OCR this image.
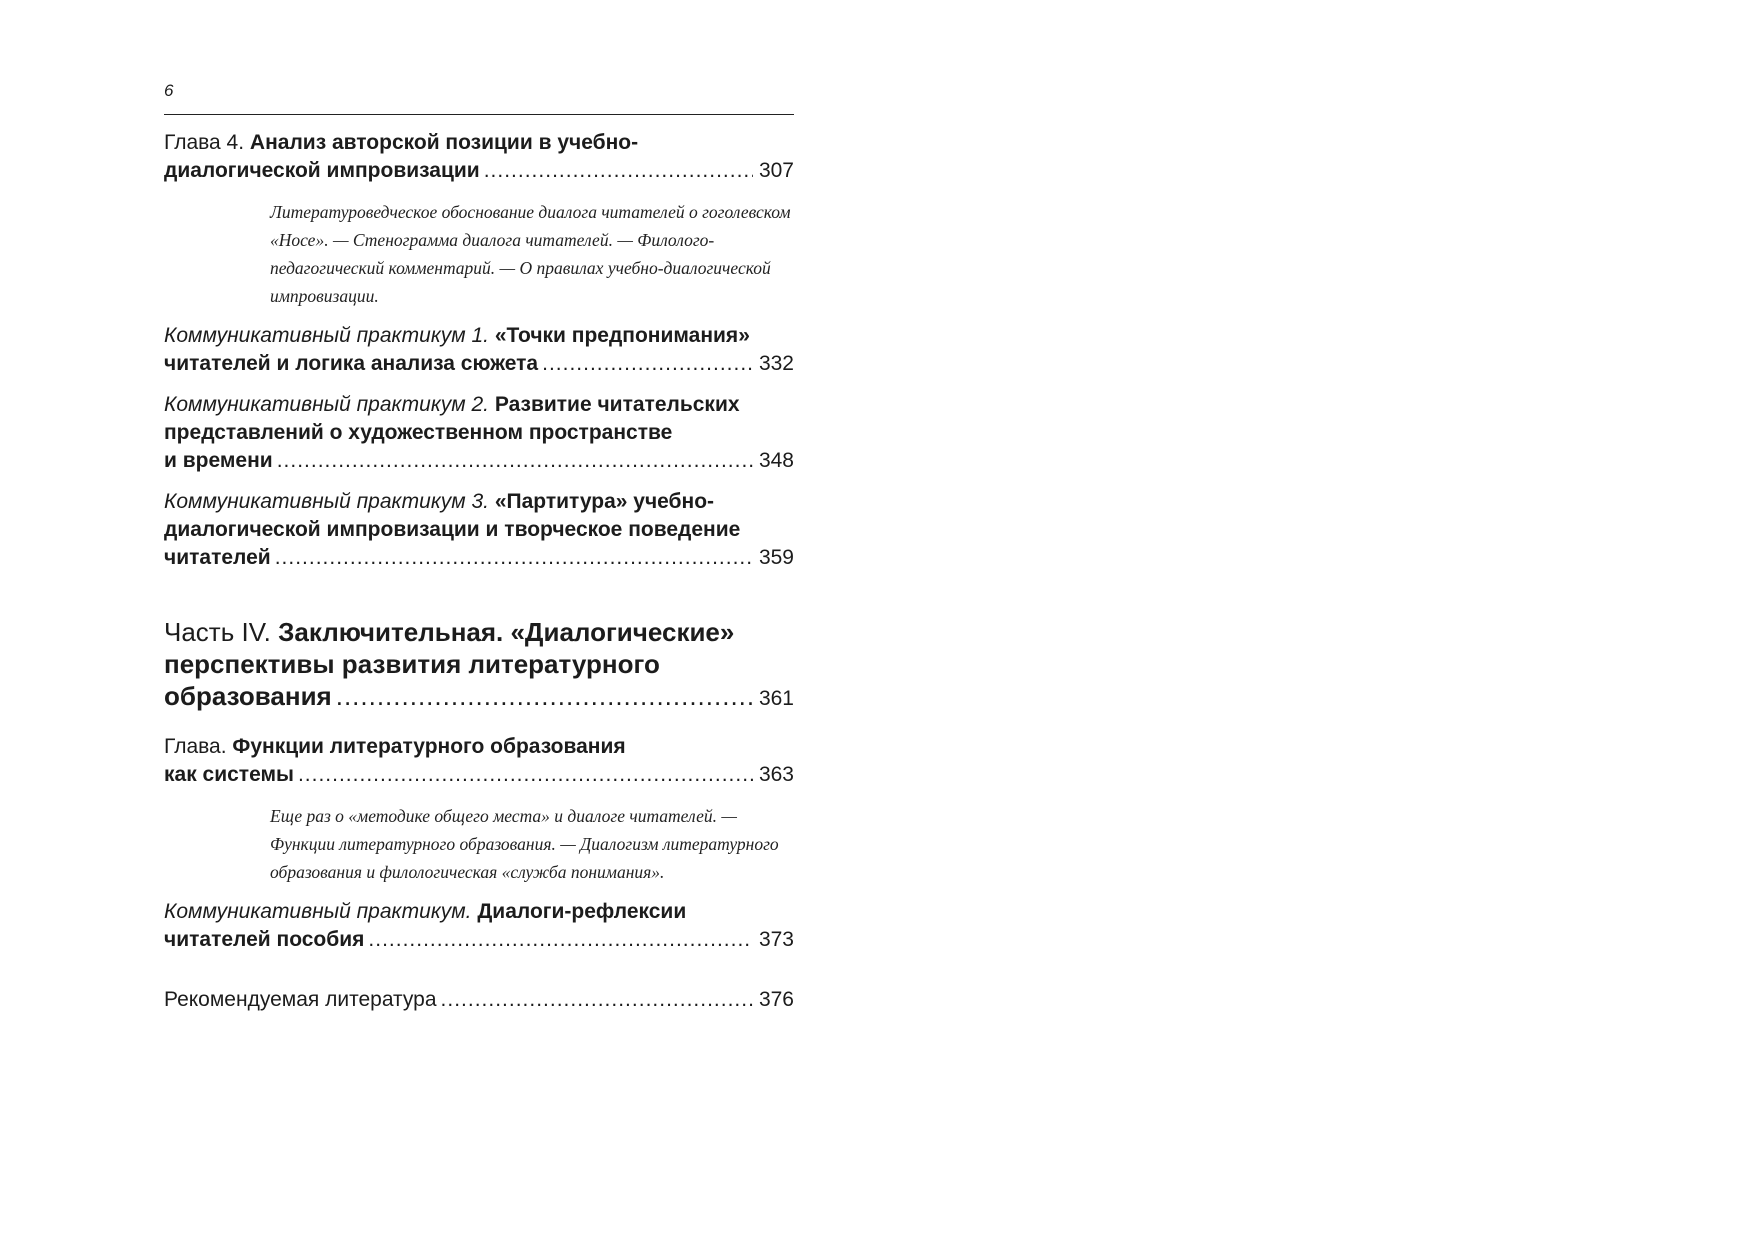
6
Глава 4. Анализ авторской позиции в учебно-
диалогической импровизации .....	307
Литературоведческое обоснование диалога читателей о гоголевском «Носе». — Стенограмма диалога читателей. — Филолого-педагогический комментарий. — О правилах учебно-диалогической импровизации.
Коммуникативный практикум 1. «Точки предпонимания»
читателей и логика анализа сюжета .....	332
Коммуникативный практикум 2. Развитие читательских
представлений о художественном пространстве
и времени .....	348
Коммуникативный практикум 3. «Партитура» учебно-
диалогической импровизации и творческое поведение
читателей .....	359
Часть IV. Заключительная. «Диалогические»
перспективы развития литературного
образования .....	361
Глава. Функции литературного образования
как системы .....	363
Еще раз о «методике общего места» и диалоге читателей. — Функции литературного образования. — Диалогизм литературного образования и филологическая «служба понимания».
Коммуникативный практикум. Диалоги-рефлексии
читателей пособия .....	373
Рекомендуемая литература .....	376
